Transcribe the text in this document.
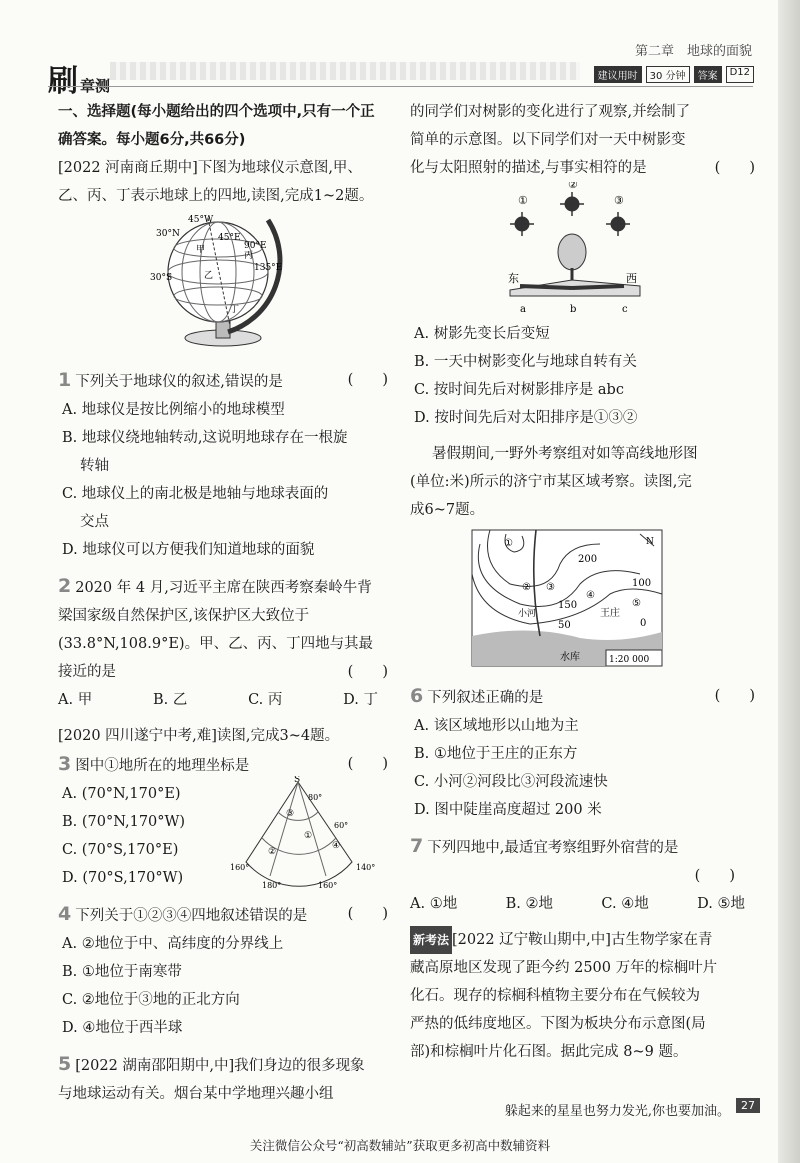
刷章测
第二章　地球的面貌
建议用时	30 分钟	答案	D12

一、选择题(每小题给出的四个选项中,只有一个正确答案。每小题6分,共66分)

[2022 河南商丘期中]下图为地球仪示意图,甲、乙、丙、丁表示地球上的四地,读图,完成1~2题。

45°W
30°N
甲
45°E
90°E
丙
135°E
乙
30°S
丁

1 下列关于地球仪的叙述,错误的是	(　　)

A. 地球仪是按比例缩小的地球模型

B. 地球仪绕地轴转动,这说明地球存在一根旋

转轴

C. 地球仪上的南北极是地轴与地球表面的

交点

D. 地球仪可以方便我们知道地球的面貌

2 2020 年 4 月,习近平主席在陕西考察秦岭牛背

梁国家级自然保护区,该保护区大致位于

(33.8°N,108.9°E)。甲、乙、丙、丁四地与其最

接近的是	(　　)

A. 甲	B. 乙	C. 丙	D. 丁

[2020 四川遂宁中考,难]读图,完成3~4题。

3 图中①地所在的地理坐标是	(　　)

A. (70°N,170°E)

B. (70°N,170°W)

C. (70°S,170°E)

D. (70°S,170°W)

S
80°
60°
160°	140°
180°	160°
③
①
②
④

4 下列关于①②③④四地叙述错误的是	(　　)

A. ②地位于中、高纬度的分界线上

B. ①地位于南寒带

C. ②地位于③地的正北方向

D. ④地位于西半球

5 [2022 湖南邵阳期中,中]我们身边的很多现象

与地球运动有关。烟台某中学地理兴趣小组

的同学们对树影的变化进行了观察,并绘制了

简单的示意图。以下同学们对一天中树影变

化与太阳照射的描述,与事实相符的是	(　　)

①
②
③
东	西
a	b	c

A. 树影先变长后变短

B. 一天中树影变化与地球自转有关

C. 按时间先后对树影排序是 abc

D. 按时间先后对太阳排序是①③②

暑假期间,一野外考察组对如等高线地形图

(单位:米)所示的济宁市某区域考察。读图,完

成6~7题。

N
200
100
150
50	0
①
② ③
④
⑤
王庄
小河
水库	1:20 000

6 下列叙述正确的是	(　　)

A. 该区域地形以山地为主

B. ①地位于王庄的正东方

C. 小河②河段比③河段流速快

D. 图中陡崖高度超过 200 米

7 下列四地中,最适宜考察组野外宿营的是

(　　)

A. ①地	B. ②地	C. ④地	D. ⑤地

新考法 [2022 辽宁鞍山期中,中]古生物学家在青

藏高原地区发现了距今约 2500 万年的棕榈叶片

化石。现存的棕榈科植物主要分布在气候较为

严热的低纬度地区。下图为板块分布示意图(局

部)和棕榈叶片化石图。据此完成 8~9 题。

躲起来的星星也努力发光,你也要加油。	27
关注微信公众号“初高数辅站”获取更多初高中数辅资料
